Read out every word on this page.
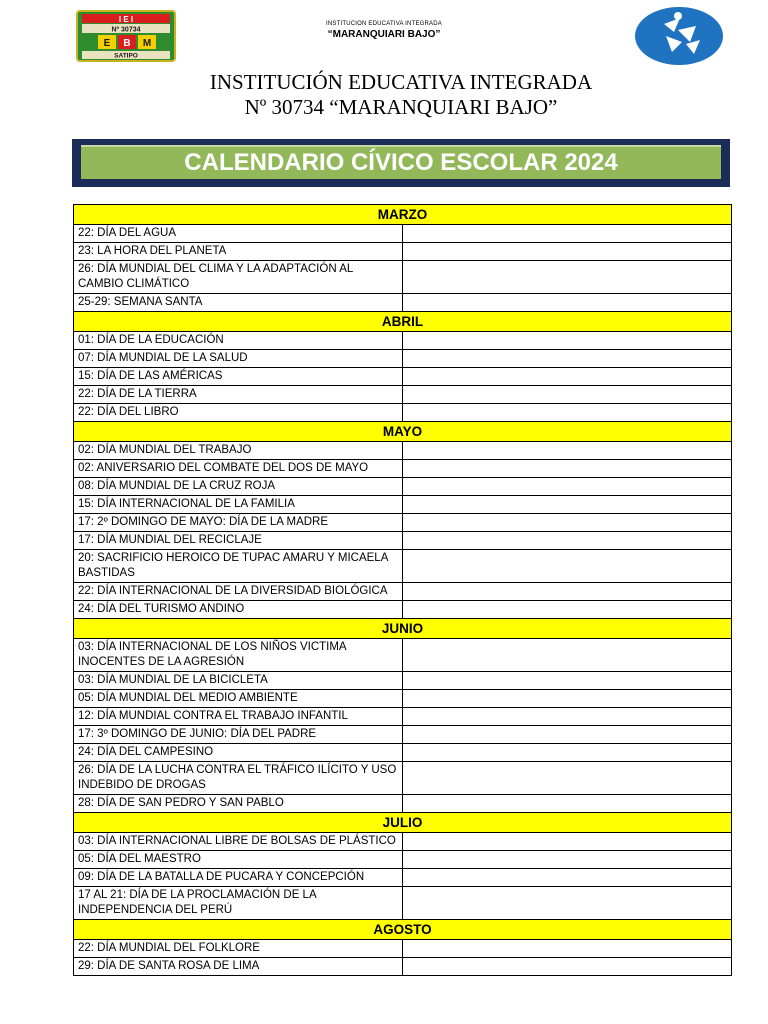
I E I
Nº 30734
E B M
SATIPO
INSTITUCION EDUCATIVA INTEGRADA
“MARANQUIARI BAJO”
INSTITUCIÓN EDUCATIVA INTEGRADA
Nº 30734 “MARANQUIARI BAJO”
CALENDARIO CÍVICO ESCOLAR 2024
MARZO	
22: DÍA DEL AGUA	
23: LA HORA DEL PLANETA	
26: DÍA MUNDIAL DEL CLIMA Y LA ADAPTACIÓN AL CAMBIO CLIMÁTICO	
25-29: SEMANA SANTA	
ABRIL	
01: DÍA DE LA EDUCACIÓN	
07: DÍA MUNDIAL DE LA SALUD	
15: DÍA DE LAS AMÉRICAS	
22: DÍA DE LA TIERRA	
22: DÍA DEL LIBRO	
MAYO	
02: DÍA MUNDIAL DEL TRABAJO	
02: ANIVERSARIO DEL COMBATE DEL DOS DE MAYO	
08: DÍA MUNDIAL DE LA CRUZ ROJA	
15: DÍA INTERNACIONAL DE LA FAMILIA	
17: 2º DOMINGO DE MAYO: DÍA DE LA MADRE	
17: DÍA MUNDIAL DEL RECICLAJE	
20: SACRIFICIO HEROICO DE TUPAC AMARU Y MICAELA BASTIDAS	
22: DÍA INTERNACIONAL DE LA DIVERSIDAD BIOLÓGICA	
24: DÍA DEL TURISMO ANDINO	
JUNIO	
03: DÍA INTERNACIONAL DE LOS NIÑOS VICTIMA INOCENTES DE LA AGRESIÓN	
03: DÍA MUNDIAL DE LA BICICLETA	
05: DÍA MUNDIAL DEL MEDIO AMBIENTE	
12: DÍA MUNDIAL CONTRA EL TRABAJO INFANTIL	
17: 3º DOMINGO DE JUNIO: DÍA DEL PADRE	
24: DÍA DEL CAMPESINO	
26: DÍA DE LA LUCHA CONTRA EL TRÁFICO ILÍCITO Y USO INDEBIDO DE DROGAS	
28: DÍA DE SAN PEDRO Y SAN PABLO	
JULIO	
03: DÍA INTERNACIONAL LIBRE DE BOLSAS DE PLÁSTICO	
05: DÍA DEL MAESTRO	
09: DÍA DE LA BATALLA DE PUCARA Y CONCEPCIÓN	
17 AL 21: DÍA DE LA PROCLAMACIÓN DE LA INDEPENDENCIA DEL PERÚ	
AGOSTO	
22: DÍA MUNDIAL DEL FOLKLORE	
29: DÍA DE SANTA ROSA DE LIMA	
